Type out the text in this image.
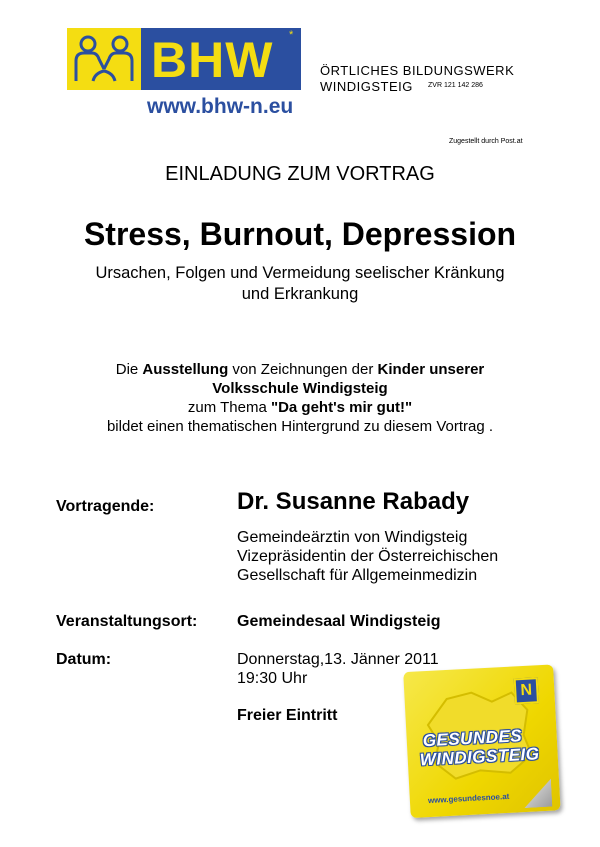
BHW *
www.bhw-n.eu
ÖRTLICHES BILDUNGSWERK
WINDIGSTEIG ZVR 121 142 286
Zugestellt durch Post.at
EINLADUNG ZUM VORTRAG
Stress, Burnout, Depression
Ursachen, Folgen und Vermeidung seelischer Kränkung
und Erkrankung
Die Ausstellung von Zeichnungen der Kinder unserer
Volksschule Windigsteig
zum Thema "Da geht's mir gut!"
bildet einen thematischen Hintergrund zu diesem Vortrag .
Vortragende:	Dr. Susanne Rabady
Gemeindeärztin von Windigsteig
Vizepräsidentin der Österreichischen
Gesellschaft für Allgemeinmedizin
Veranstaltungsort: Gemeindesaal Windigsteig
Datum:	Donnerstag,13. Jänner 2011
19:30 Uhr
Freier Eintritt
N
GESUNDES
WINDIGSTEIG
www.gesundesnoe.at
